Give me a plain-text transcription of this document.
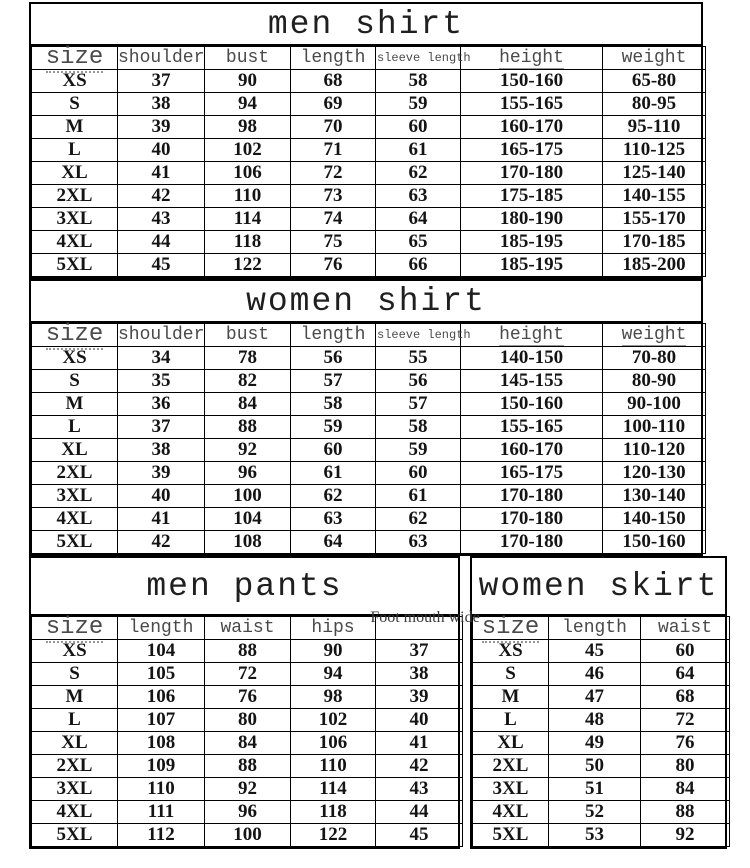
men shirt
size	shoulder	bust	length	sleeve length	height	weight
XS	37	90	68	58	150-160	65-80
S	38	94	69	59	155-165	80-95
M	39	98	70	60	160-170	95-110
L	40	102	71	61	165-175	110-125
XL	41	106	72	62	170-180	125-140
2XL	42	110	73	63	175-185	140-155
3XL	43	114	74	64	180-190	155-170
4XL	44	118	75	65	185-195	170-185
5XL	45	122	76	66	185-195	185-200
women shirt
size	shoulder	bust	length	sleeve length	height	weight
XS	34	78	56	55	140-150	70-80
S	35	82	57	56	145-155	80-90
M	36	84	58	57	150-160	90-100
L	37	88	59	58	155-165	100-110
XL	38	92	60	59	160-170	110-120
2XL	39	96	61	60	165-175	120-130
3XL	40	100	62	61	170-180	130-140
4XL	41	104	63	62	170-180	140-150
5XL	42	108	64	63	170-180	150-160
men pants
size	length	waist	hips	Foot mouth wide

XS	104	88	90	37
S	105	72	94	38
M	106	76	98	39
L	107	80	102	40
XL	108	84	106	41
2XL	109	88	110	42
3XL	110	92	114	43
4XL	111	96	118	44
5XL	112	100	122	45
women skirt
size	length	waist
XS	45	60
S	46	64
M	47	68
L	48	72
XL	49	76
2XL	50	80
3XL	51	84
4XL	52	88
5XL	53	92
